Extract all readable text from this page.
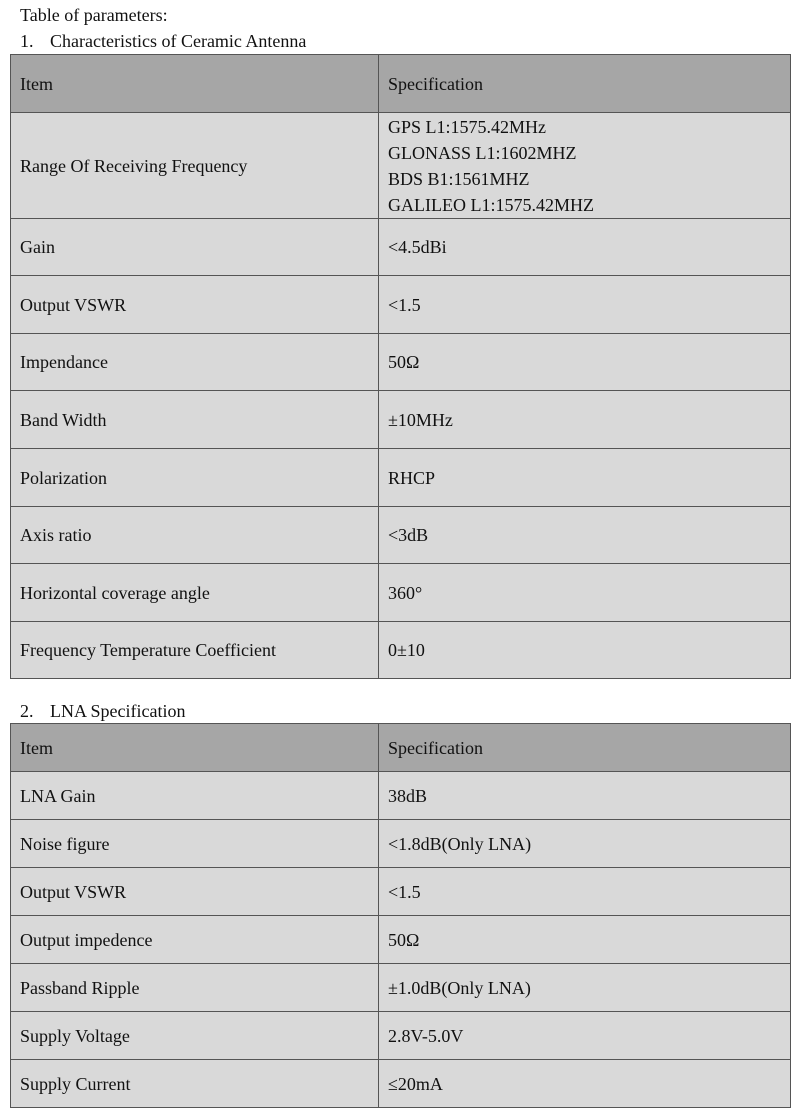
Table of parameters:
1. Characteristics of Ceramic Antenna
Item	Specification
Range Of Receiving Frequency	GPS L1:1575.42MHz
GLONASS L1:1602MHZ
BDS B1:1561MHZ
GALILEO L1:1575.42MHZ

Gain	<4.5dBi
Output VSWR	<1.5
Impendance	50Ω
Band Width	±10MHz
Polarization	RHCP
Axis ratio	<3dB
Horizontal coverage angle	360°
Frequency Temperature Coefficient	0±10
2. LNA Specification
Item	Specification
LNA Gain	38dB
Noise figure	<1.8dB(Only LNA)
Output VSWR	<1.5
Output impedence	50Ω
Passband Ripple	±1.0dB(Only LNA)
Supply Voltage	2.8V-5.0V
Supply Current	≤20mA
